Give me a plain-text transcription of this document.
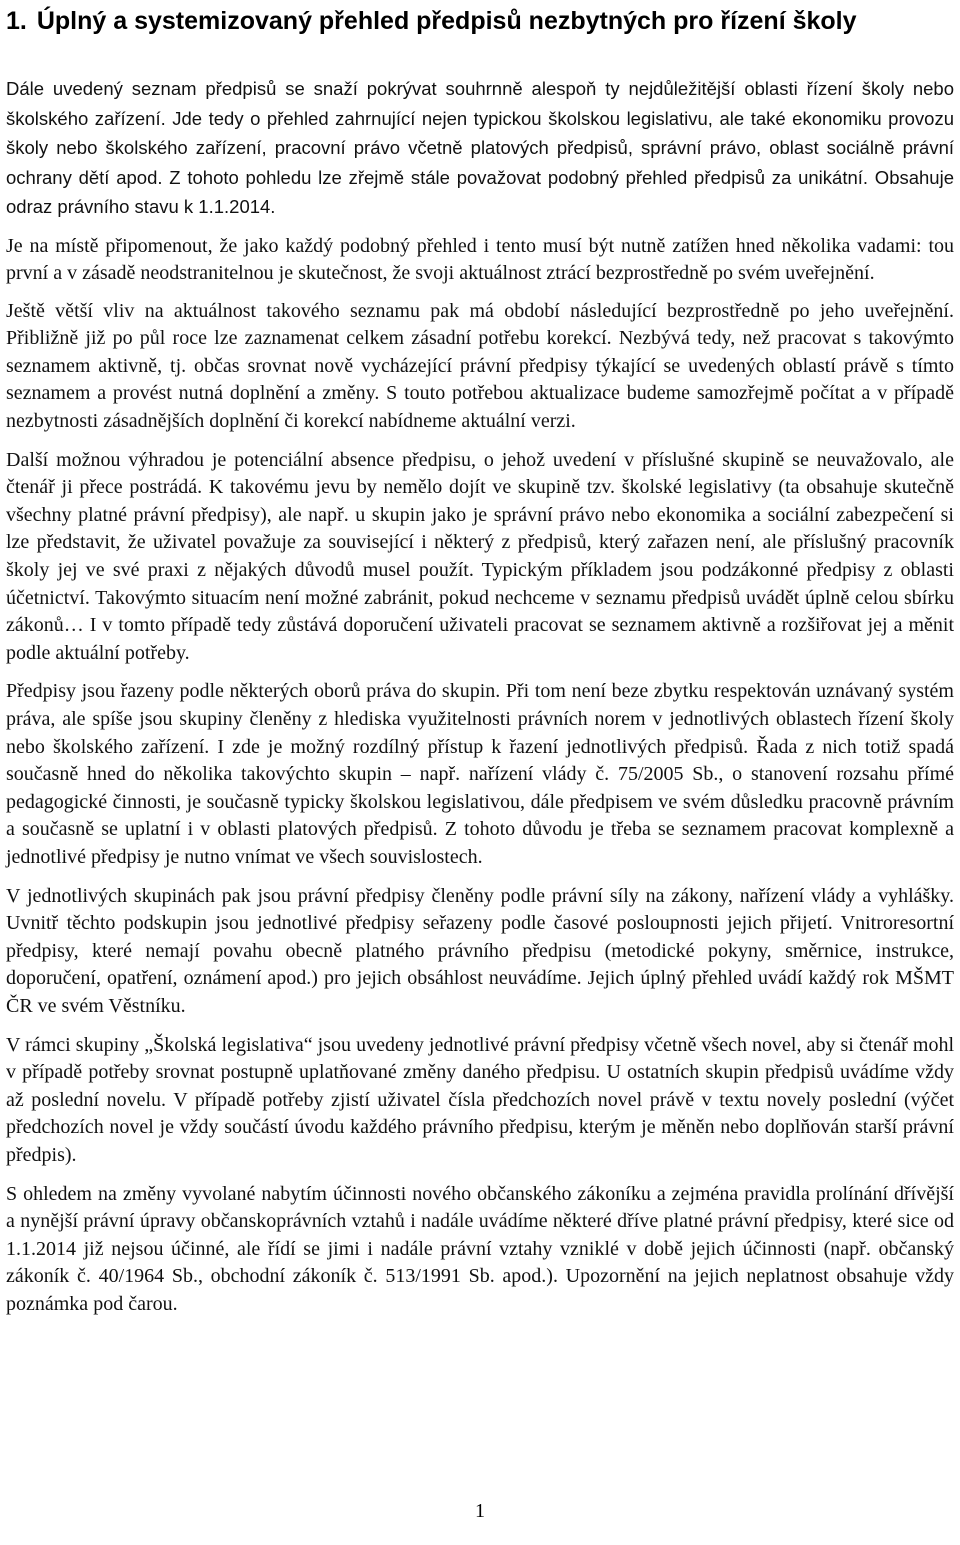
1. Úplný a systemizovaný přehled předpisů nezbytných pro řízení školy

Dále uvedený seznam předpisů se snaží pokrývat souhrnně alespoň ty nejdůležitější oblasti řízení školy nebo školského zařízení. Jde tedy o přehled zahrnující nejen typickou školskou legislativu, ale také ekonomiku provozu školy nebo školského zařízení, pracovní právo včetně platových předpisů, správní právo, oblast sociálně právní ochrany dětí apod. Z tohoto pohledu lze zřejmě stále považovat podobný přehled předpisů za unikátní. Obsahuje odraz právního stavu k 1.1.2014.

Je na místě připomenout, že jako každý podobný přehled i tento musí být nutně zatížen hned několika vadami: tou první a v zásadě neodstranitelnou je skutečnost, že svoji aktuálnost ztrácí bezprostředně po svém uveřejnění.

Ještě větší vliv na aktuálnost takového seznamu pak má období následující bezprostředně po jeho uveřejnění. Přibližně již po půl roce lze zaznamenat celkem zásadní potřebu korekcí. Nezbývá tedy, než pracovat s takovýmto seznamem aktivně, tj. občas srovnat nově vycházející právní předpisy týkající se uvedených oblastí právě s tímto seznamem a provést nutná doplnění a změny. S touto potřebou aktualizace budeme samozřejmě počítat a v případě nezbytnosti zásadnějších doplnění či korekcí nabídneme aktuální verzi.

Další možnou výhradou je potenciální absence předpisu, o jehož uvedení v příslušné skupině se neuvažovalo, ale čtenář ji přece postrádá. K takovému jevu by nemělo dojít ve skupině tzv. školské legislativy (ta obsahuje skutečně všechny platné právní předpisy), ale např. u skupin jako je správní právo nebo ekonomika a sociální zabezpečení si lze představit, že uživatel považuje za související i některý z předpisů, který zařazen není, ale příslušný pracovník školy jej ve své praxi z nějakých důvodů musel použít. Typickým příkladem jsou podzákonné předpisy z oblasti účetnictví. Takovýmto situacím není možné zabránit, pokud nechceme v seznamu předpisů uvádět úplně celou sbírku zákonů… I v tomto případě tedy zůstává doporučení uživateli pracovat se seznamem aktivně a rozšiřovat jej a měnit podle aktuální potřeby.

Předpisy jsou řazeny podle některých oborů práva do skupin. Při tom není beze zbytku respektován uznávaný systém práva, ale spíše jsou skupiny členěny z hlediska využitelnosti právních norem v jednotlivých oblastech řízení školy nebo školského zařízení. I zde je možný rozdílný přístup k řazení jednotlivých předpisů. Řada z nich totiž spadá současně hned do několika takovýchto skupin – např. nařízení vlády č. 75/2005 Sb., o stanovení rozsahu přímé pedagogické činnosti, je současně typicky školskou legislativou, dále předpisem ve svém důsledku pracovně právním a současně se uplatní i v oblasti platových předpisů. Z tohoto důvodu je třeba se seznamem pracovat komplexně a jednotlivé předpisy je nutno vnímat ve všech souvislostech.

V jednotlivých skupinách pak jsou právní předpisy členěny podle právní síly na zákony, nařízení vlády a vyhlášky. Uvnitř těchto podskupin jsou jednotlivé předpisy seřazeny podle časové posloupnosti jejich přijetí. Vnitroresortní předpisy, které nemají povahu obecně platného právního předpisu (metodické pokyny, směrnice, instrukce, doporučení, opatření, oznámení apod.) pro jejich obsáhlost neuvádíme. Jejich úplný přehled uvádí každý rok MŠMT ČR ve svém Věstníku.

V rámci skupiny „Školská legislativa“ jsou uvedeny jednotlivé právní předpisy včetně všech novel, aby si čtenář mohl v případě potřeby srovnat postupně uplatňované změny daného předpisu. U ostatních skupin předpisů uvádíme vždy až poslední novelu. V případě potřeby zjistí uživatel čísla předchozích novel právě v textu novely poslední (výčet předchozích novel je vždy součástí úvodu každého právního předpisu, kterým je měněn nebo doplňován starší právní předpis).

S ohledem na změny vyvolané nabytím účinnosti nového občanského zákoníku a zejména pravidla prolínání dřívější a nynější právní úpravy občanskoprávních vztahů i nadále uvádíme některé dříve platné právní předpisy, které sice od 1.1.2014 již nejsou účinné, ale řídí se jimi i nadále právní vztahy vzniklé v době jejich účinnosti (např. občanský zákoník č. 40/1964 Sb., obchodní zákoník č. 513/1991 Sb. apod.). Upozornění na jejich neplatnost obsahuje vždy poznámka pod čarou.

1
